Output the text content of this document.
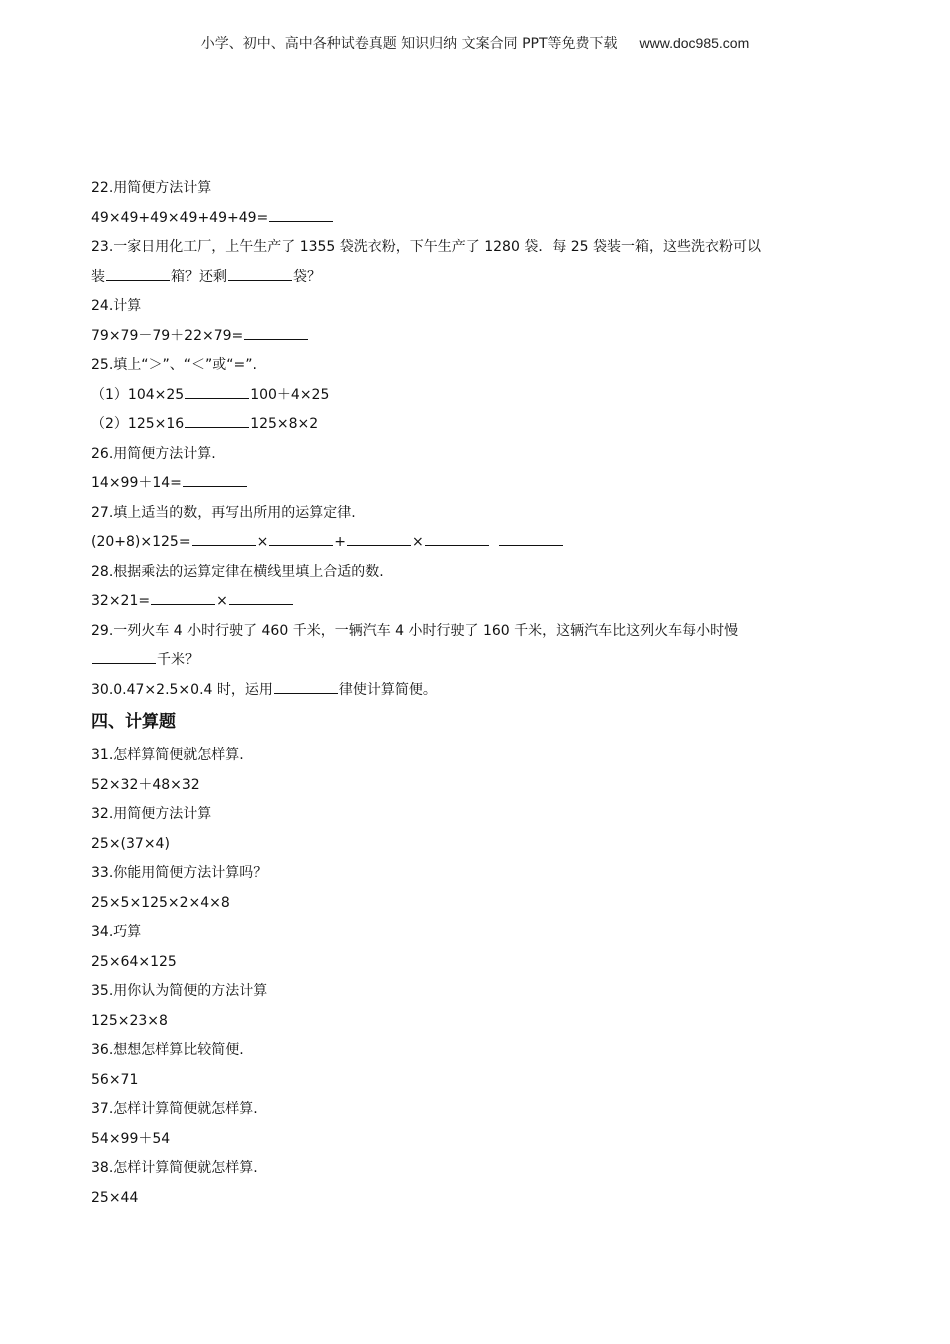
小学、初中、高中各种试卷真题 知识归纳 文案合同 PPT等免费下载 www.doc985.com
22.用简便方法计算
49×49+49×49+49+49=
23.一家日用化工厂，上午生产了 1355 袋洗衣粉，下午生产了 1280 袋．每 25 袋装一箱，这些洗衣粉可以
装	箱？还剩	袋？
24.计算
79×79－79＋22×79=
25.填上“＞”、“＜”或“=”.
（1）104×25	100＋4×25
（2）125×16	125×8×2
26.用简便方法计算.
14×99＋14=
27.填上适当的数，再写出所用的运算定律.
(20+8)×125=	×	+	×
28.根据乘法的运算定律在横线里填上合适的数.
32×21=	×
29.一列火车 4 小时行驶了 460 千米，一辆汽车 4 小时行驶了 160 千米，这辆汽车比这列火车每小时慢
千米？
30.0.47×2.5×0.4 时，运用	律使计算简便。
四、计算题
31.怎样算简便就怎样算.
52×32＋48×32
32.用简便方法计算
25×(37×4)
33.你能用简便方法计算吗？
25×5×125×2×4×8
34.巧算
25×64×125
35.用你认为简便的方法计算
125×23×8
36.想想怎样算比较简便.
56×71
37.怎样计算简便就怎样算.
54×99＋54
38.怎样计算简便就怎样算.
25×44
